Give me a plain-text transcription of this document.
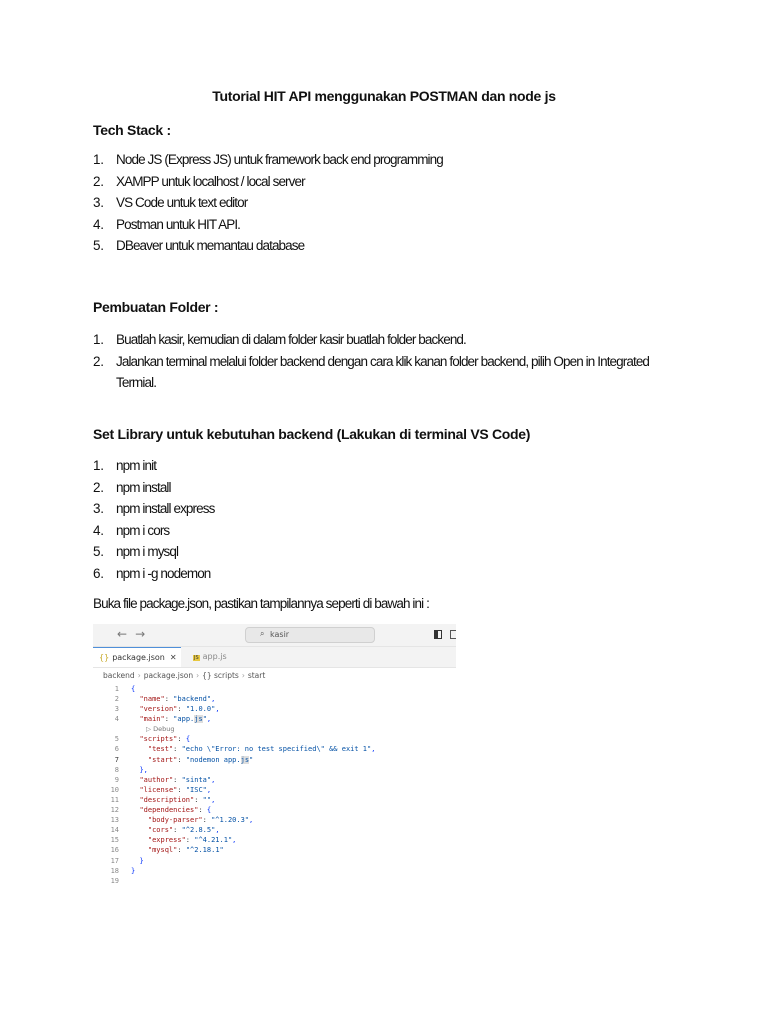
Tutorial HIT API menggunakan POSTMAN dan node js
Tech Stack :
1. Node JS (Express JS) untuk framework back end programming
2. XAMPP untuk localhost / local server
3. VS Code untuk text editor
4. Postman untuk HIT API.
5. DBeaver untuk memantau database
Pembuatan Folder :
1. Buatlah kasir, kemudian di dalam folder kasir buatlah folder backend.
2. Jalankan terminal melalui folder backend dengan cara klik kanan folder backend, pilih Open in Integrated Termial.
Set Library untuk kebutuhan backend (Lakukan di terminal VS Code)
1. npm init
2. npm install
3. npm install express
4. npm i cors
5. npm i mysql
6. npm i -g nodemon
Buka file package.json, pastikan tampilannya seperti di bawah ini :
← →	⌕ kasir
{} package.json ✕	JS app.js
backend › package.json › {} scripts › start
1 {
2	"name": "backend",
3	"version": "1.0.0",
4	"main": "app.js",
▷ Debug
5	"scripts": {
6	"test": "echo \"Error: no test specified\" && exit 1",
7	"start": "nodemon app.js"
8	},
9	"author": "sinta",
10	"license": "ISC",
11	"description": "",
12	"dependencies": {
13	"body-parser": "^1.20.3",
14	"cors": "^2.8.5",
15	"express": "^4.21.1",
16	"mysql": "^2.18.1"
17	}
18 }
19
